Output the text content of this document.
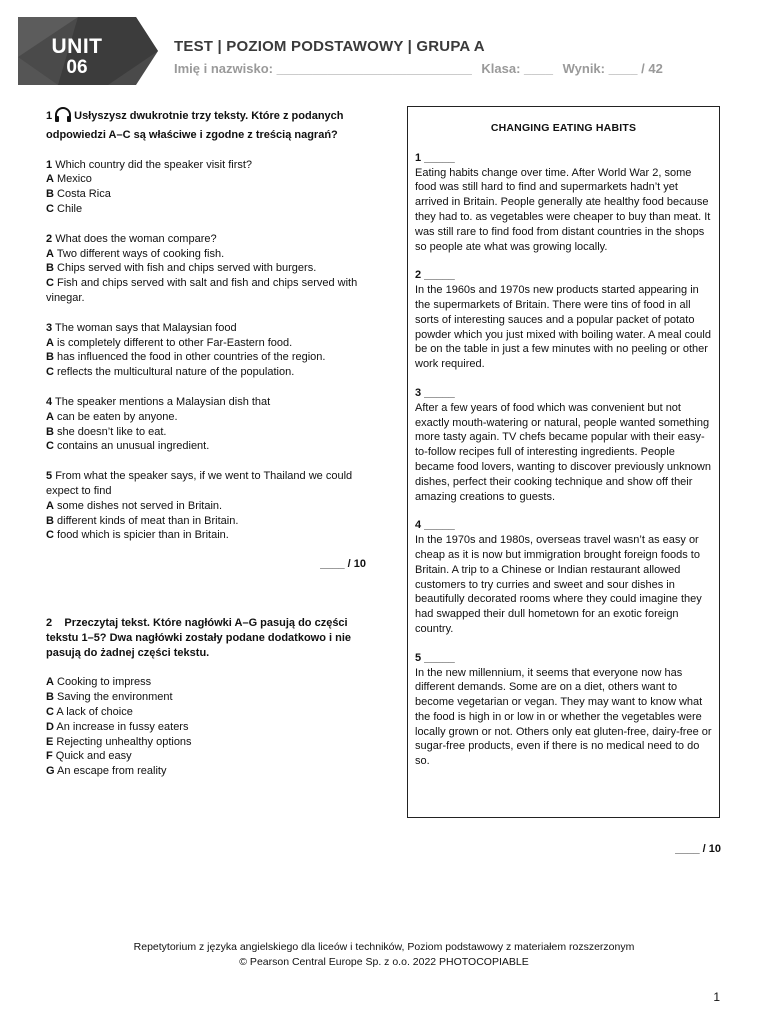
UNIT
06
TEST | POZIOM PODSTAWOWY | GRUPA A
Imię i nazwisko: ___________________________ Klasa: ____ Wynik: ____ / 42

1 Usłyszysz dwukrotnie trzy teksty. Które z podanych odpowiedzi A–C są właściwe i zgodne z treścią nagrań?

1 Which country did the speaker visit first?

A Mexico

B Costa Rica

C Chile

2 What does the woman compare?

A Two different ways of cooking fish.

B Chips served with fish and chips served with burgers.

C Fish and chips served with salt and fish and chips served with vinegar.

3 The woman says that Malaysian food

A is completely different to other Far-Eastern food.

B has influenced the food in other countries of the region.

C reflects the multicultural nature of the population.

4 The speaker mentions a Malaysian dish that

A can be eaten by anyone.

B she doesn’t like to eat.

C contains an unusual ingredient.

5 From what the speaker says, if we went to Thailand we could expect to find

A some dishes not served in Britain.

B different kinds of meat than in Britain.

C food which is spicier than in Britain.

____ / 10

2 Przeczytaj tekst. Które nagłówki A–G pasują do części tekstu 1–5? Dwa nagłówki zostały podane dodatkowo i nie pasują do żadnej części tekstu.

A Cooking to impress

B Saving the environment

C A lack of choice

D An increase in fussy eaters

E Rejecting unhealthy options

F Quick and easy

G An escape from reality

CHANGING EATING HABITS

1 _____

Eating habits change over time. After World War 2, some food was still hard to find and supermarkets hadn’t yet arrived in Britain. People generally ate healthy food because they had to. as vegetables were cheaper to buy than meat. It was still rare to find food from distant countries in the shops so people ate what was growing locally.

2 _____

In the 1960s and 1970s new products started appearing in the supermarkets of Britain. There were tins of food in all sorts of interesting sauces and a popular packet of potato powder which you just mixed with boiling water. A meal could be on the table in just a few minutes with no peeling or other work required.

3 _____

After a few years of food which was convenient but not exactly mouth-watering or natural, people wanted something more tasty again. TV chefs became popular with their easy-to-follow recipes full of interesting ingredients. People became food lovers, wanting to discover previously unknown dishes, perfect their cooking technique and show off their amazing creations to guests.

4 _____

In the 1970s and 1980s, overseas travel wasn’t as easy or cheap as it is now but immigration brought foreign foods to Britain. A trip to a Chinese or Indian restaurant allowed customers to try curries and sweet and sour dishes in beautifully decorated rooms where they could imagine they had swapped their dull hometown for an exotic foreign country.

5 _____

In the new millennium, it seems that everyone now has different demands. Some are on a diet, others want to become vegetarian or vegan. They may want to know what the food is high in or low in or whether the vegetables were locally grown or not. Others only eat gluten-free, dairy-free or sugar-free products, even if there is no medical need to do so.

____ / 10
Repetytorium z języka angielskiego dla liceów i techników, Poziom podstawowy z materiałem rozszerzonym
© Pearson Central Europe Sp. z o.o. 2022 PHOTOCOPIABLE
1
